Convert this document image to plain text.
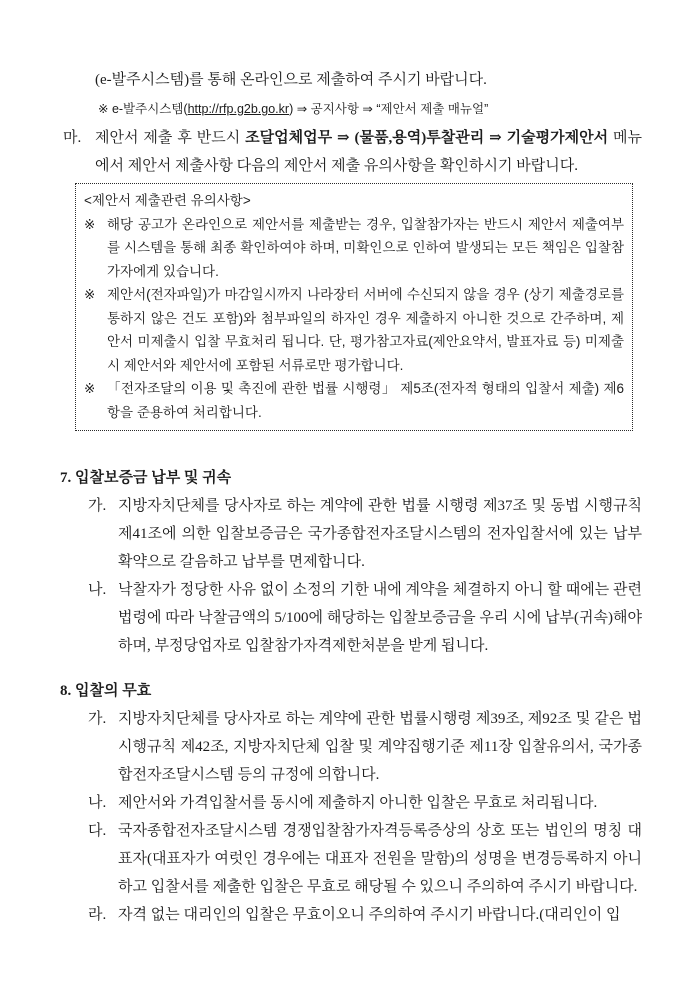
(e-발주시스템)를 통해 온라인으로 제출하여 주시기 바랍니다.

※ e-발주시스템(http://rfp.g2b.go.kr) ⇒ 공지사항 ⇒ “제안서 제출 매뉴얼”

마. 제안서 제출 후 반드시 조달업체업무 ⇒ (물품,용역)투찰관리 ⇒ 기술평가제안서 메뉴에서 제안서 제출사항 다음의 제안서 제출 유의사항을 확인하시기 바랍니다.

<제안서 제출관련 유의사항>

※ 해당 공고가 온라인으로 제안서를 제출받는 경우, 입찰참가자는 반드시 제안서 제출여부를 시스템을 통해 최종 확인하여야 하며, 미확인으로 인하여 발생되는 모든 책임은 입찰참가자에게 있습니다.
※ 제안서(전자파일)가 마감일시까지 나라장터 서버에 수신되지 않을 경우 (상기 제출경로를 통하지 않은 건도 포함)와 첨부파일의 하자인 경우 제출하지 아니한 것으로 간주하며, 제안서 미제출시 입찰 무효처리 됩니다. 단, 평가참고자료(제안요약서, 발표자료 등) 미제출시 제안서와 제안서에 포함된 서류로만 평가합니다.
※ 「전자조달의 이용 및 촉진에 관한 법률 시행령」 제5조(전자적 형태의 입찰서 제출) 제6항을 준용하여 처리합니다.
7. 입찰보증금 납부 및 귀속
가. 지방자치단체를 당사자로 하는 계약에 관한 법률 시행령 제37조 및 동법 시행규칙 제41조에 의한 입찰보증금은 국가종합전자조달시스템의 전자입찰서에 있는 납부 확약으로 갈음하고 납부를 면제합니다.
나. 낙찰자가 정당한 사유 없이 소정의 기한 내에 계약을 체결하지 아니 할 때에는 관련 법령에 따라 낙찰금액의 5/100에 해당하는 입찰보증금을 우리 시에 납부(귀속)해야 하며, 부정당업자로 입찰참가자격제한처분을 받게 됩니다.
8. 입찰의 무효
가. 지방자치단체를 당사자로 하는 계약에 관한 법률시행령 제39조, 제92조 및 같은 법 시행규칙 제42조, 지방자치단체 입찰 및 계약집행기준 제11장 입찰유의서, 국가종합전자조달시스템 등의 규정에 의합니다.
나. 제안서와 가격입찰서를 동시에 제출하지 아니한 입찰은 무효로 처리됩니다.
다. 국자종합전자조달시스템 경쟁입찰참가자격등록증상의 상호 또는 법인의 명칭 대표자(대표자가 여럿인 경우에는 대표자 전원을 말함)의 성명을 변경등록하지 아니하고 입찰서를 제출한 입찰은 무효로 해당될 수 있으니 주의하여 주시기 바랍니다.
라. 자격 없는 대리인의 입찰은 무효이오니 주의하여 주시기 바랍니다.(대리인이 입
